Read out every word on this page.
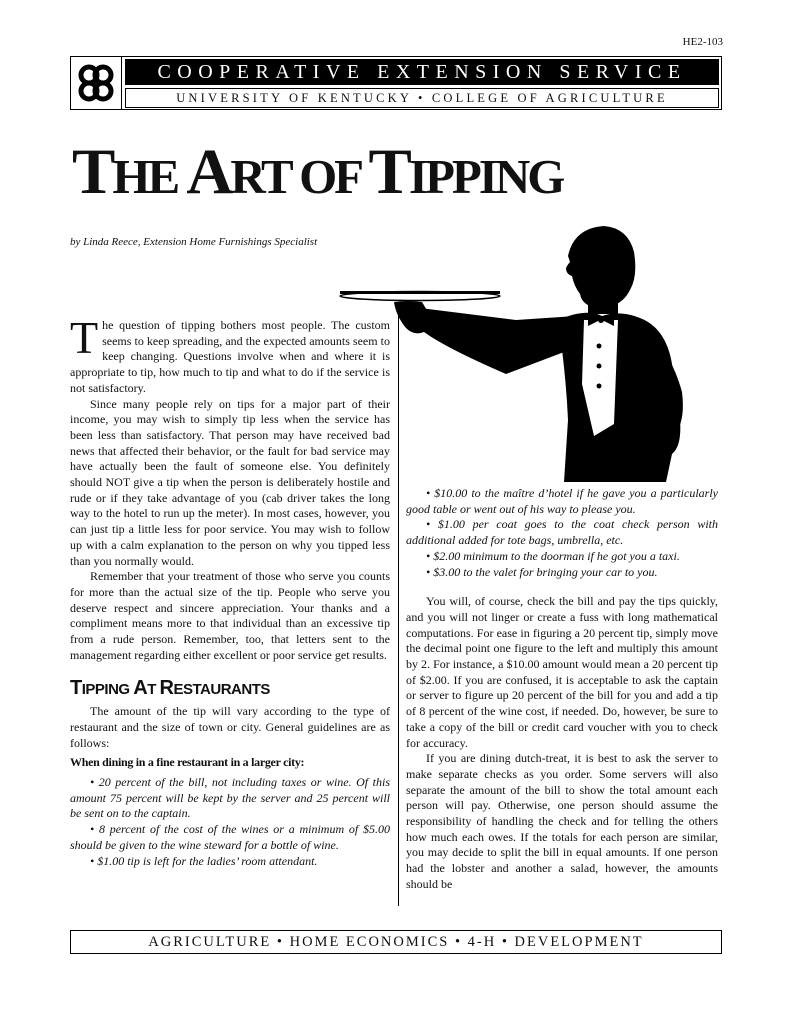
HE2-103
COOPERATIVE EXTENSION SERVICE
UNIVERSITY OF KENTUCKY • COLLEGE OF AGRICULTURE
THE ART OF TIPPING
by Linda Reece, Extension Home Furnishings Specialist

The question of tipping bothers most people. The custom seems to keep spreading, and the expected amounts seem to keep changing. Questions involve when and where it is appropriate to tip, how much to tip and what to do if the service is not satisfactory.

Since many people rely on tips for a major part of their income, you may wish to simply tip less when the service has been less than satisfactory. That person may have received bad news that affected their behavior, or the fault for bad service may have actually been the fault of someone else. You definitely should NOT give a tip when the person is deliberately hostile and rude or if they take advantage of you (cab driver takes the long way to the hotel to run up the meter). In most cases, however, you can just tip a little less for poor service. You may wish to follow up with a calm explanation to the person on why you tipped less than you normally would.

Remember that your treatment of those who serve you counts for more than the actual size of the tip. People who serve you deserve respect and sincere appreciation. Your thanks and a compliment means more to that individual than an excessive tip from a rude person. Remember, too, that letters sent to the management regarding either excellent or poor service get results.

TIPPING AT RESTAURANTS

The amount of the tip will vary according to the type of restaurant and the size of town or city. General guidelines are as follows:

When dining in a fine restaurant in a larger city:

• 20 percent of the bill, not including taxes or wine. Of this amount 75 percent will be kept by the server and 25 percent will be sent on to the captain.

• 8 percent of the cost of the wines or a minimum of $5.00 should be given to the wine steward for a bottle of wine.

• $1.00 tip is left for the ladies’ room attendant.

• $10.00 to the maître d’hotel if he gave you a particularly good table or went out of his way to please you.

• $1.00 per coat goes to the coat check person with additional added for tote bags, umbrella, etc.

• $2.00 minimum to the doorman if he got you a taxi.

• $3.00 to the valet for bringing your car to you.

You will, of course, check the bill and pay the tips quickly, and you will not linger or create a fuss with long mathematical computations. For ease in figuring a 20 percent tip, simply move the decimal point one figure to the left and multiply this amount by 2. For instance, a $10.00 amount would mean a 20 percent tip of $2.00. If you are confused, it is acceptable to ask the captain or server to figure up 20 percent of the bill for you and add a tip of 8 percent of the wine cost, if needed. Do, however, be sure to take a copy of the bill or credit card voucher with you to check for accuracy.

If you are dining dutch-treat, it is best to ask the server to make separate checks as you order. Some servers will also separate the amount of the bill to show the total amount each person will pay. Otherwise, one person should assume the responsibility of handling the check and for telling the others how much each owes. If the totals for each person are similar, you may decide to split the bill in equal amounts. If one person had the lobster and another a salad, however, the amounts should be

AGRICULTURE • HOME ECONOMICS • 4-H • DEVELOPMENT
